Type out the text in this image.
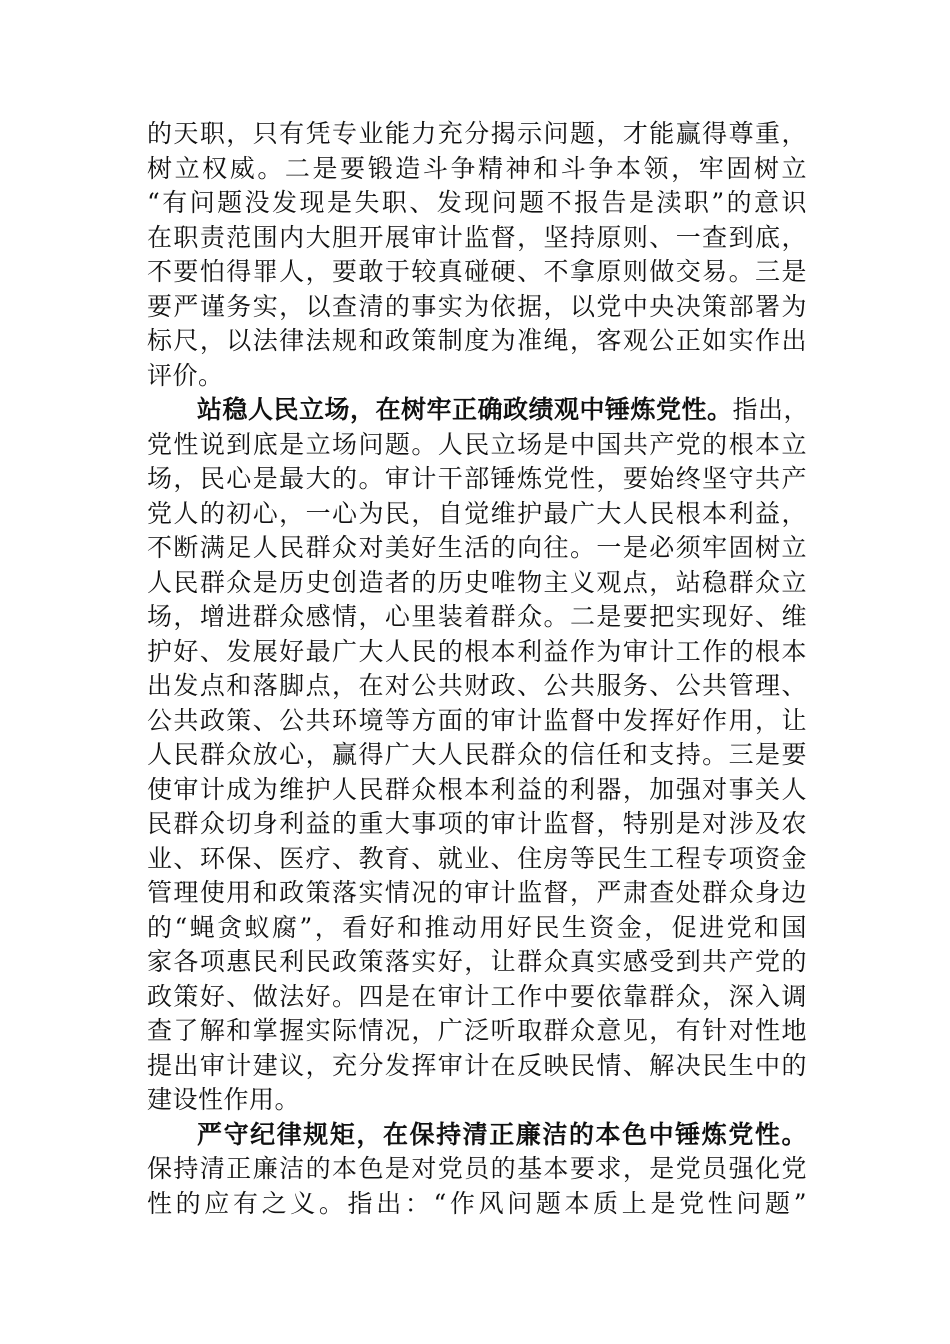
的天职，只有凭专业能力充分揭示问题，才能赢得尊重，
树立权威。二是要锻造斗争精神和斗争本领，牢固树立
“有问题没发现是失职、发现问题不报告是渎职”的意识
在职责范围内大胆开展审计监督，坚持原则、一查到底，
不要怕得罪人，要敢于较真碰硬、不拿原则做交易。三是
要严谨务实，以查清的事实为依据，以党中央决策部署为
标尺，以法律法规和政策制度为准绳，客观公正如实作出
评价。
站稳人民立场，在树牢正确政绩观中锤炼党性。指出，
党性说到底是立场问题。人民立场是中国共产党的根本立
场，民心是最大的。审计干部锤炼党性，要始终坚守共产
党人的初心，一心为民，自觉维护最广大人民根本利益，
不断满足人民群众对美好生活的向往。一是必须牢固树立
人民群众是历史创造者的历史唯物主义观点，站稳群众立
场，增进群众感情，心里装着群众。二是要把实现好、维
护好、发展好最广大人民的根本利益作为审计工作的根本
出发点和落脚点，在对公共财政、公共服务、公共管理、
公共政策、公共环境等方面的审计监督中发挥好作用，让
人民群众放心，赢得广大人民群众的信任和支持。三是要
使审计成为维护人民群众根本利益的利器，加强对事关人
民群众切身利益的重大事项的审计监督，特别是对涉及农
业、环保、医疗、教育、就业、住房等民生工程专项资金
管理使用和政策落实情况的审计监督，严肃查处群众身边
的“蝇贪蚁腐”，看好和推动用好民生资金，促进党和国
家各项惠民利民政策落实好，让群众真实感受到共产党的
政策好、做法好。四是在审计工作中要依靠群众，深入调
查了解和掌握实际情况，广泛听取群众意见，有针对性地
提出审计建议，充分发挥审计在反映民情、解决民生中的
建设性作用。
严守纪律规矩，在保持清正廉洁的本色中锤炼党性。
保持清正廉洁的本色是对党员的基本要求，是党员强化党
性的应有之义。指出：“作风问题本质上是党性问题”
